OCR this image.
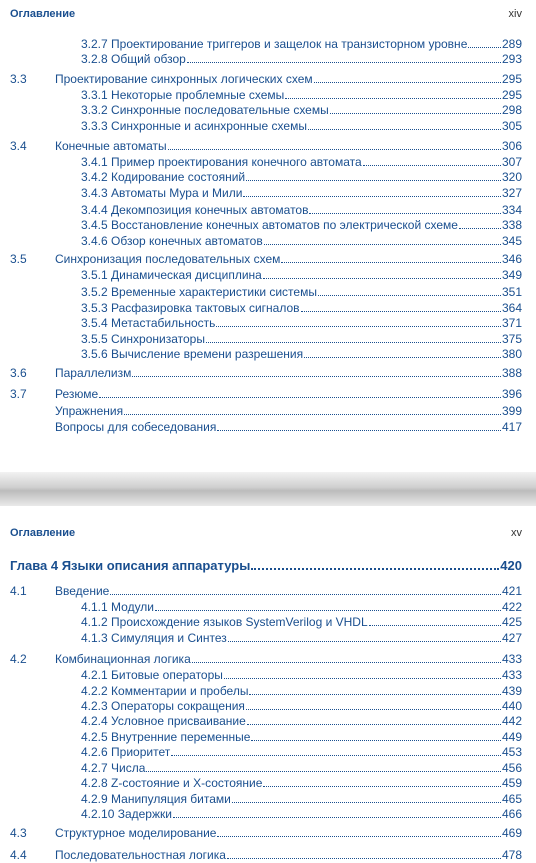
Оглавление	xiv
Оглавление	xv
Глава 4 Языки описания аппаратуры	420
3.2.7 Проектирование триггеров и защелок на транзисторном уровне	289
3.2.8 Общий обзор	293
3.3 Проектирование синхронных логических схем	295
3.3.1 Некоторые проблемные схемы	295
3.3.2 Синхронные последовательные схемы	298
3.3.3 Синхронные и асинхронные схемы	305
3.4 Конечные автоматы	306
3.4.1 Пример проектирования конечного автомата	307
3.4.2 Кодирование состояний	320
3.4.3 Автоматы Мура и Мили	327
3.4.4 Декомпозиция конечных автоматов	334
3.4.5 Восстановление конечных автоматов по электрической схеме	338
3.4.6 Обзор конечных автоматов	345
3.5 Синхронизация последовательных схем	346
3.5.1 Динамическая дисциплина	349
3.5.2 Временные характеристики системы	351
3.5.3 Расфазировка тактовых сигналов	364
3.5.4 Метастабильность	371
3.5.5 Синхронизаторы	375
3.5.6 Вычисление времени разрешения	380
3.6 Параллелизм	388
3.7 Резюме	396
Упражнения	399
Вопросы для собеседования	417
4.1 Введение	421
4.1.1 Модули	422
4.1.2 Происхождение языков SystemVerilog и VHDL	425
4.1.3 Симуляция и Синтез	427
4.2 Комбинационная логика	433
4.2.1 Битовые операторы	433
4.2.2 Комментарии и пробелы	439
4.2.3 Операторы сокращения	440
4.2.4 Условное присваивание	442
4.2.5 Внутренние переменные	449
4.2.6 Приоритет	453
4.2.7 Числа	456
4.2.8 Z-состояние и X-состояние	459
4.2.9 Манипуляция битами	465
4.2.10 Задержки	466
4.3 Структурное моделирование	469
4.4 Последовательностная логика	478
